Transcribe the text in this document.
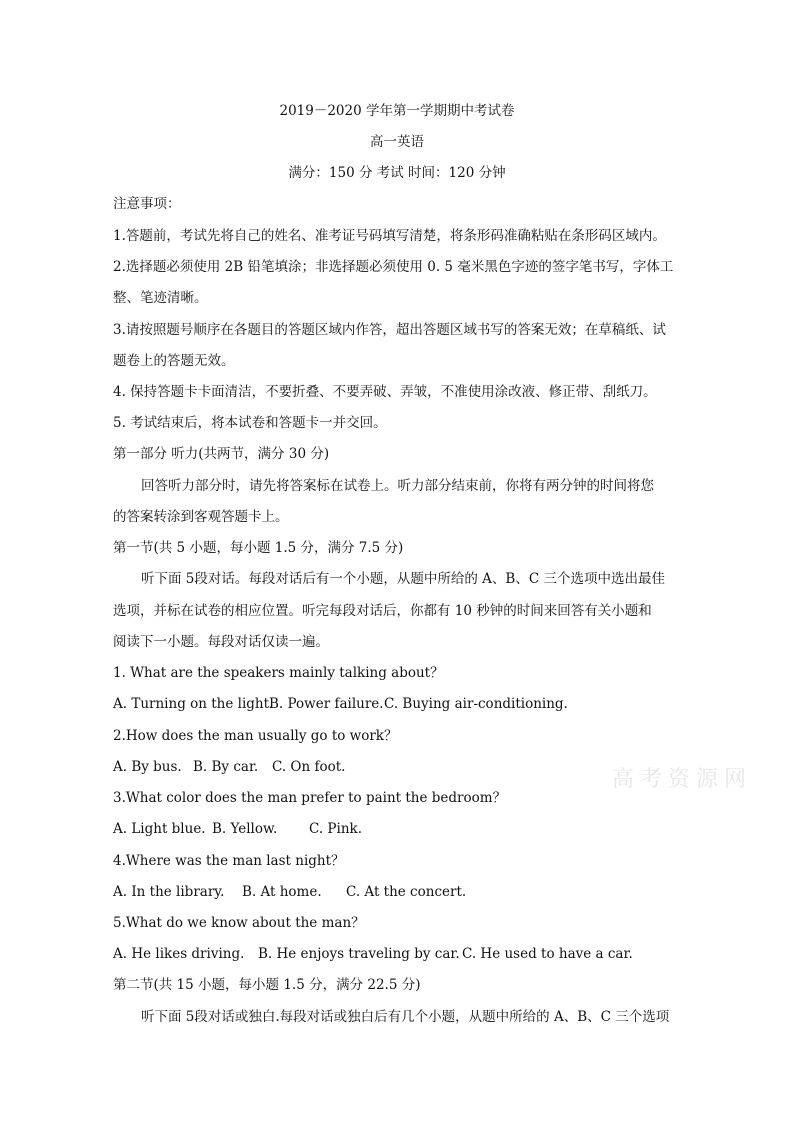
2019－2020 学年第一学期期中考试卷
高一英语
满分：150 分 考试 时间：120 分钟
注意事项：
1.答题前，考试先将自己的姓名、准考证号码填写清楚，将条形码准确粘贴在条形码区域内。
2.选择题必须使用 2B 铅笔填涂；非选择题必须使用 0. 5 毫米黑色字迹的签字笔书写，字体工
整、笔迹清晰。
3.请按照题号顺序在各题目的答题区域内作答，超出答题区域书写的答案无效；在草稿纸、试
题卷上的答题无效。
4. 保持答题卡卡面清洁，不要折叠、不要弄破、弄皱，不准使用涂改液、修正带、刮纸刀。
5. 考试结束后，将本试卷和答题卡一并交回。
第一部分 听力(共两节，满分 30 分)
回答听力部分时，请先将答案标在试卷上。听力部分结束前，你将有两分钟的时间将您
的答案转涂到客观答题卡上。
第一节(共 5 小题，每小题 1.5 分，满分 7.5 分)
听下面 5段对话。每段对话后有一个小题，从题中所给的 A、B、C 三个选项中选出最佳
选项，并标在试卷的相应位置。听完每段对话后，你都有 10 秒钟的时间来回答有关小题和
阅读下一小题。每段对话仅读一遍。
1. What are the speakers mainly talking about？
A. Turning on the light.B. Power failure.C. Buying air-conditioning.
2.How does the man usually go to work？
A. By bus. B. By car. C. On foot.
3.What color does the man prefer to paint the bedroom？
A. Light blue. B. Yellow. C. Pink.
4.Where was the man last night？
A. In the library. B. At home. C. At the concert.
5.What do we know about the man？
A. He likes driving. B. He enjoys traveling by car. C. He used to have a car.
第二节(共 15 小题，每小题 1.5 分，满分 22.5 分)
听下面 5段对话或独白.每段对话或独白后有几个小题，从题中所给的 A、B、C 三个选项
高考资源网
